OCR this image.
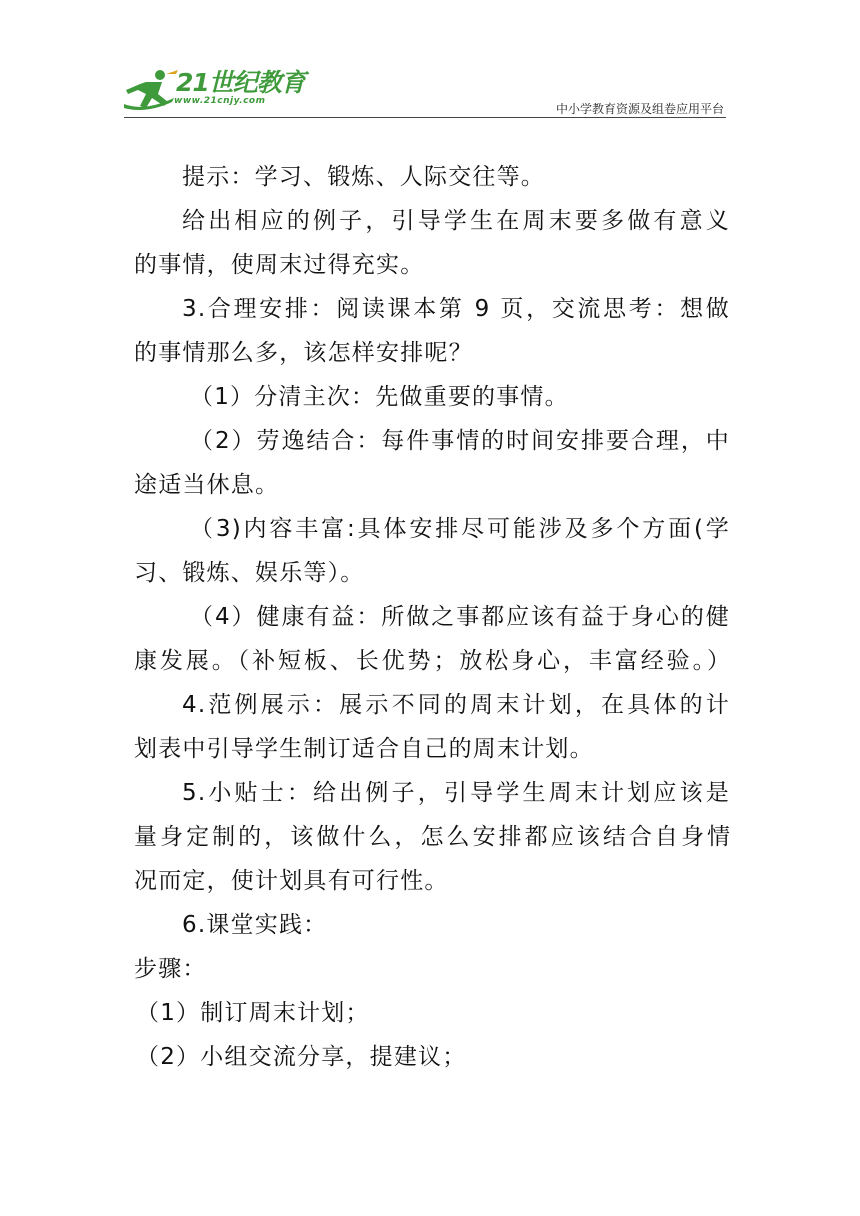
21世纪教育
www.21cnjy.com
中小学教育资源及组卷应用平台
提示：学习、锻炼、人际交往等。
给出相应的例子，引导学生在周末要多做有意义
的事情，使周末过得充实。
3.合理安排：阅读课本第 9 页，交流思考：想做
的事情那么多，该怎样安排呢？
（1）分清主次：先做重要的事情。
（2）劳逸结合：每件事情的时间安排要合理，中
途适当休息。
（3)内容丰富:具体安排尽可能涉及多个方面(学
习、锻炼、娱乐等）。
（4）健康有益：所做之事都应该有益于身心的健
康发展。（补短板、长优势；放松身心，丰富经验。）
4.范例展示：展示不同的周末计划，在具体的计
划表中引导学生制订适合自己的周末计划。
5.小贴士：给出例子，引导学生周末计划应该是
量身定制的，该做什么，怎么安排都应该结合自身情
况而定，使计划具有可行性。
6.课堂实践：
步骤：
（1）制订周末计划；
（2）小组交流分享，提建议；
